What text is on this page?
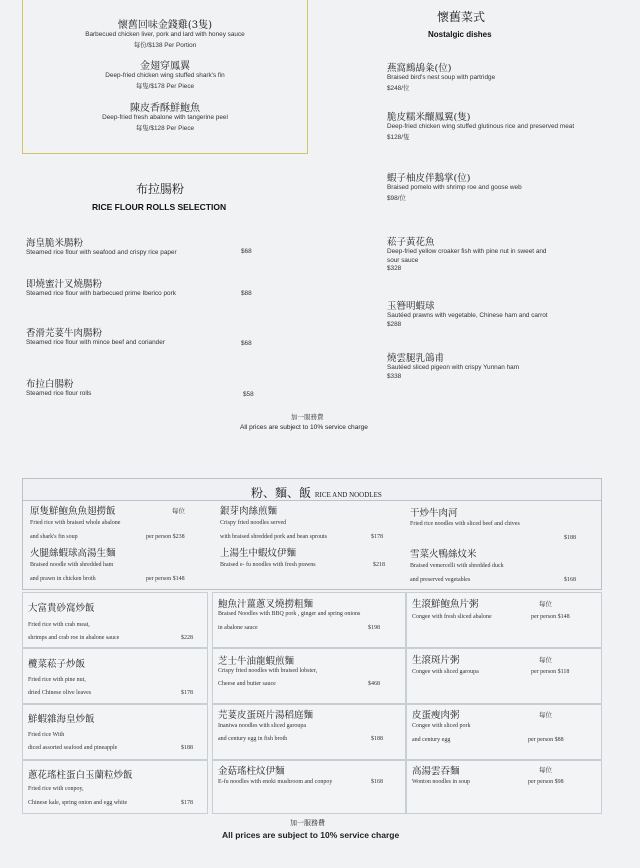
懷舊回味金錢雞(3隻)
Barbecued chicken liver, pork and lard with honey sauce
每份/$138 Per Portion
金翅穿鳳翼
Deep-fried chicken wing stuffed shark's fin
每隻/$178 Per Piece
陳皮香酥鮮鮑魚
Deep-fried fresh abalone with tangerine peel
每隻/$128 Per Piece
懷舊菜式
Nostalgic dishes
燕窩鷓鴣粂(位)
Braised bird's nest soup with partridge
$248/位
脆皮糯米釀鳳翼(隻)
Deep-fried chicken wing stuffed glutinous rice and preserved meat
$128/隻
蝦子柚皮伴鵝掌(位)
Braised pomelo with shrimp roe and goose web
$98/位
菘子黃花魚
Deep-fried yellow croaker fish with pine nut in sweet and sour sauce
$328
玉簪明蝦球
Sautéed prawns with vegetable, Chinese ham and carrot
$288
燒雲腿乳鴿甫
Sautéed sliced pigeon with crispy Yunnan ham
$338
布拉腸粉
RICE FLOUR ROLLS SELECTION
海皇脆米腸粉
Steamed rice flour with seafood and crispy rice paper	$68
即燒蜜汁叉燒腸粉
Steamed rice flour with barbecued prime Iberico pork	$88
香滑芫荽牛肉腸粉
Steamed rice flour with mince beef and coriander	$68
布拉白腸粉
Steamed rice flour rolls	$58
加一服務費
All prices are subject to 10% service charge
粉、麵、飯 RICE AND NOODLES
原隻鮮鮑魚魚翅撈飯	每位
Fried rice with braised whole abalone
and shark's fin soup	per person $238
火腿絲蝦球高湯生麵
Braised noodle with shredded ham
and prawn in chicken broth	per person $148
銀芽肉絲煎麵
Crispy fried noodles served
with braised shredded pork and bean sprouts	$178
上湯生中蝦炆伊麵
Braised e- fu noodles with fresh prawns	$218
干炒牛肉河
Fried rice noodles with sliced beef and chives
$188
雪菜火鴨絲炆米
Braised vemercelli with shredded duck
and preserved vegetables	$168
大富貴砂窩炒飯
Fried rice with crab meat,
shrimps and crab roe in abalone sauce	$228
欖菜菘子炒飯
Fried rice with pine nut,
dried Chinese olive leaves	$178
鮮蝦雜海皇炒飯
Fried rice With
diced assorted seafood and pineapple	$188
蔥花瑤柱蛋白玉蘭粒炒飯
Fried rice with conpoy,
Chinese kale, spring onion and egg white	$178
鮑魚汁薑蔥叉燒撈粗麵
Braised Noodles with BBQ pork , ginger and spring onions
in abalone sauce	$198
芝士牛油龍蝦煎麵
Crispy fried noodles with braised lobster,
Cheese and butter sauce	$468
芫荽皮蛋斑片湯稻庭麵
Inaniwa noodles with sliced garoupa
and century egg in fish broth	$188
金菇瑤柱炆伊麵
E-fu noodles with enoki mushroom and conpoy	$168
生滾鮮鮑魚片粥	每位
Congee with fresh sliced abalone	per person $148
生滾斑片粥	每位
Congee with sliced garoupa	per person $118
皮蛋瘦肉粥	每位
Congee with sliced pork
and century egg	per person $88
高湯雲吞麵	每位
Wonton noodles in soup	per person $98
加一服務費
All prices are subject to 10% service charge
